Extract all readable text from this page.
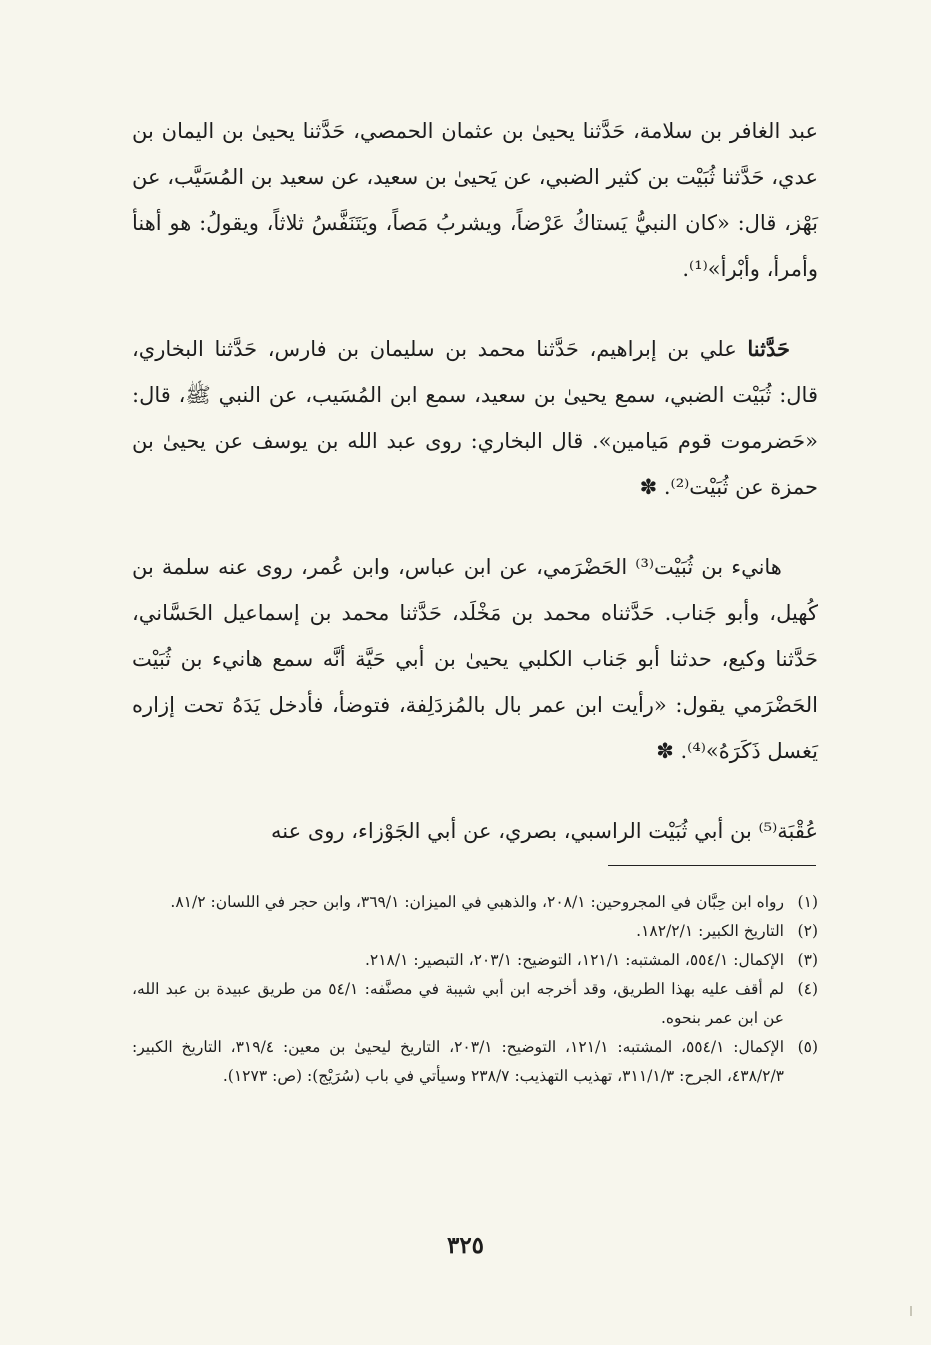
عبد الغافر بن سلامة، حَدَّثنا يحيىٰ بن عثمان الحمصي، حَدَّثنا يحيىٰ بن اليمان بن عدي، حَدَّثنا ثُبَيْت بن كثير الضبي، عن يَحيىٰ بن سعيد، عن سعيد بن المُسَيَّب، عن بَهْز، قال: «كان النبيُّ يَستاكُ عَرْضاً، ويشربُ مَصاً، ويَتَنَفَّسُ ثلاثاً، ويقولُ: هو أهنأ وأمرأ، وأبْرأ»⁽¹⁾.

حَدَّثنا علي بن إبراهيم، حَدَّثنا محمد بن سليمان بن فارس، حَدَّثنا البخاري، قال: ثُبَيْت الضبي، سمع يحيىٰ بن سعيد، سمع ابن المُسَيب، عن النبي ﷺ، قال: «حَضرموت قوم مَيامين». قال البخاري: روى عبد الله بن يوسف عن يحيىٰ بن حمزة عن ثُبَيْت⁽²⁾. ✽

هانيء بن ثُبَيْت⁽³⁾ الحَضْرَمي، عن ابن عباس، وابن عُمر، روى عنه سلمة بن كُهيل، وأبو جَناب. حَدَّثناه محمد بن مَخْلَد، حَدَّثنا محمد بن إسماعيل الحَسَّاني، حَدَّثنا وكيع، حدثنا أبو جَناب الكلبي يحيىٰ بن أبي حَيَّة أنَّه سمع هانيء بن ثُبَيْت الحَضْرَمي يقول: «رأيت ابن عمر بال بالمُزدَلِفة، فتوضأ، فأدخل يَدَهُ تحت إزاره يَغسل ذَكَرَهُ»⁽⁴⁾. ✽

عُقْبَة⁽⁵⁾ بن أبي ثُبَيْت الراسبي، بصري، عن أبي الجَوْزاء، روى عنه

(١)رواه ابن حِبَّان في المجروحين: ٢٠٨/١، والذهبي في الميزان: ٣٦٩/١، وابن حجر في اللسان: ٨١/٢.

(٢)التاريخ الكبير: ١٨٢/٢/١.

(٣)الإكمال: ٥٥٤/١، المشتبه: ١٢١/١، التوضيح: ٢٠٣/١، التبصير: ٢١٨/١.

(٤)لم أقف عليه بهذا الطريق، وقد أخرجه ابن أبي شيبة في مصنَّفه: ٥٤/١ من طريق عبيدة بن عبد الله، عن ابن عمر بنحوه.

(٥)الإكمال: ٥٥٤/١، المشتبه: ١٢١/١، التوضيح: ٢٠٣/١، التاريخ ليحيىٰ بن معين: ٣١٩/٤، التاريخ الكبير: ٤٣٨/٢/٣، الجرح: ٣١١/١/٣، تهذيب التهذيب: ٢٣٨/٧ وسيأتي في باب (سُرَيْج): (ص: ١٢٧٣).

٣٢٥
